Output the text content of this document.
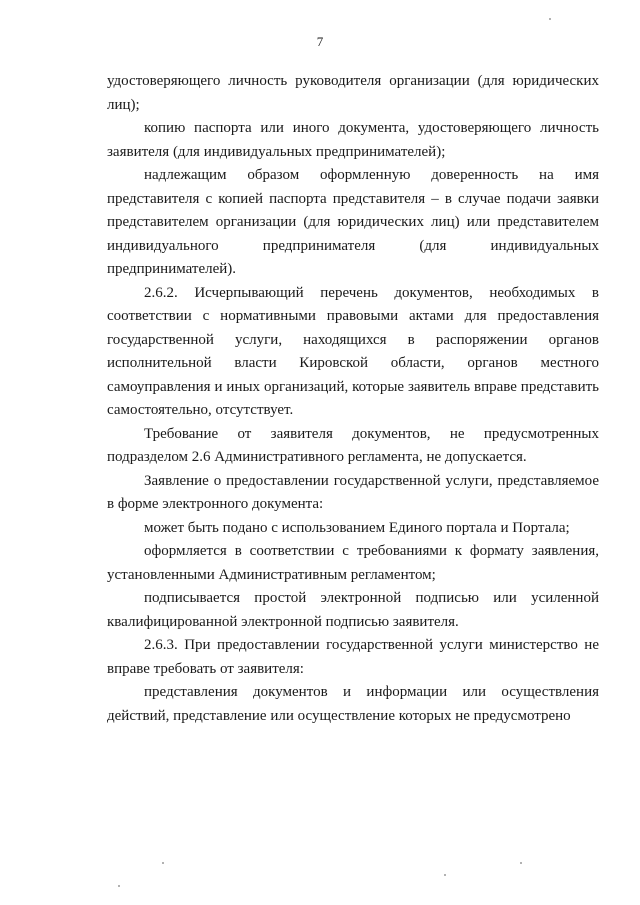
7

удостоверяющего личность руководителя организации (для юридических лиц);

копию паспорта или иного документа, удостоверяющего личность заявителя (для индивидуальных предпринимателей);

надлежащим образом оформленную доверенность на имя представителя с копией паспорта представителя – в случае подачи заявки представителем организации (для юридических лиц) или представителем индивидуального предпринимателя (для индивидуальных предпринимателей).

2.6.2. Исчерпывающий перечень документов, необходимых в соответствии с нормативными правовыми актами для предоставления государственной услуги, находящихся в распоряжении органов исполнительной власти Кировской области, органов местного самоуправления и иных организаций, которые заявитель вправе представить самостоятельно, отсутствует.

Требование от заявителя документов, не предусмотренных подразделом 2.6 Административного регламента, не допускается.

Заявление о предоставлении государственной услуги, представляемое в форме электронного документа:

может быть подано с использованием Единого портала и Портала;

оформляется в соответствии с требованиями к формату заявления, установленными Административным регламентом;

подписывается простой электронной подписью или усиленной квалифицированной электронной подписью заявителя.

2.6.3. При предоставлении государственной услуги министерство не вправе требовать от заявителя:

представления документов и информации или осуществления действий, представление или осуществление которых не предусмотрено
